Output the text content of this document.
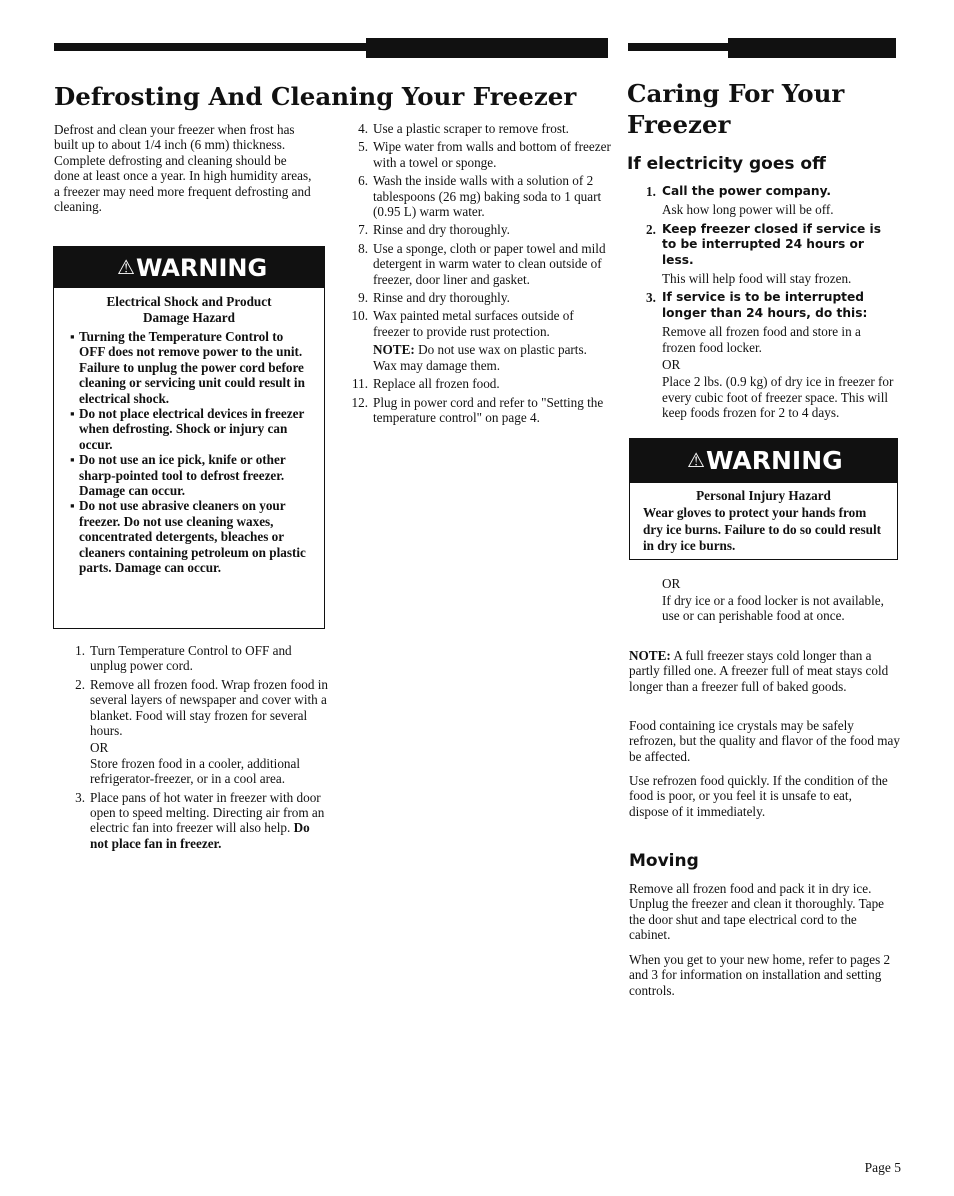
Defrosting And Cleaning Your Freezer

Defrost and clean your freezer when frost has built up to about 1/4 inch (6 mm) thickness. Complete defrosting and cleaning should be done at least once a year. In high humidity areas, a freezer may need more frequent defrosting and cleaning.

⚠WARNING
Electrical Shock and Product Damage Hazard
▪ Turning the Temperature Control to OFF does not remove power to the unit. Failure to unplug the power cord before cleaning or servicing unit could result in electrical shock.
▪ Do not place electrical devices in freezer when defrosting. Shock or injury can occur.
▪ Do not use an ice pick, knife or other sharp-pointed tool to defrost freezer. Damage can occur.
▪ Do not use abrasive cleaners on your freezer. Do not use cleaning waxes, concentrated detergents, bleaches or cleaners containing petroleum on plastic parts. Damage can occur.
1. Turn Temperature Control to OFF and unplug power cord.
2. Remove all frozen food. Wrap frozen food in several layers of newspaper and cover with a blanket. Food will stay frozen for several hours.
OR
Store frozen food in a cooler, additional refrigerator-freezer, or in a cool area.
3. Place pans of hot water in freezer with door open to speed melting. Directing air from an electric fan into freezer will also help. Do not place fan in freezer.
4. Use a plastic scraper to remove frost.
5. Wipe water from walls and bottom of freezer with a towel or sponge.
6. Wash the inside walls with a solution of 2 tablespoons (26 mg) baking soda to 1 quart (0.95 L) warm water.
7. Rinse and dry thoroughly.
8. Use a sponge, cloth or paper towel and mild detergent in warm water to clean outside of freezer, door liner and gasket.
9. Rinse and dry thoroughly.
10. Wax painted metal surfaces outside of freezer to provide rust protection.
NOTE: Do not use wax on plastic parts. Wax may damage them.
11. Replace all frozen food.
12. Plug in power cord and refer to "Setting the temperature control" on page 4.
Caring For Your Freezer
If electricity goes off
1. Call the power company.
Ask how long power will be off.
2. Keep freezer closed if service is to be interrupted 24 hours or less.
This will help food will stay frozen.
3. If service is to be interrupted longer than 24 hours, do this:
Remove all frozen food and store in a frozen food locker.
OR
Place 2 lbs. (0.9 kg) of dry ice in freezer for every cubic foot of freezer space. This will keep foods frozen for 2 to 4 days.
⚠WARNING
Personal Injury Hazard
Wear gloves to protect your hands from dry ice burns. Failure to do so could result in dry ice burns.

OR

If dry ice or a food locker is not available, use or can perishable food at once.

NOTE: A full freezer stays cold longer than a partly filled one. A freezer full of meat stays cold longer than a freezer full of baked goods.

Food containing ice crystals may be safely refrozen, but the quality and flavor of the food may be affected.

Use refrozen food quickly. If the condition of the food is poor, or you feel it is unsafe to eat, dispose of it immediately.

Moving

Remove all frozen food and pack it in dry ice. Unplug the freezer and clean it thoroughly. Tape the door shut and tape electrical cord to the cabinet.

When you get to your new home, refer to pages 2 and 3 for information on installation and setting controls.

Page 5
